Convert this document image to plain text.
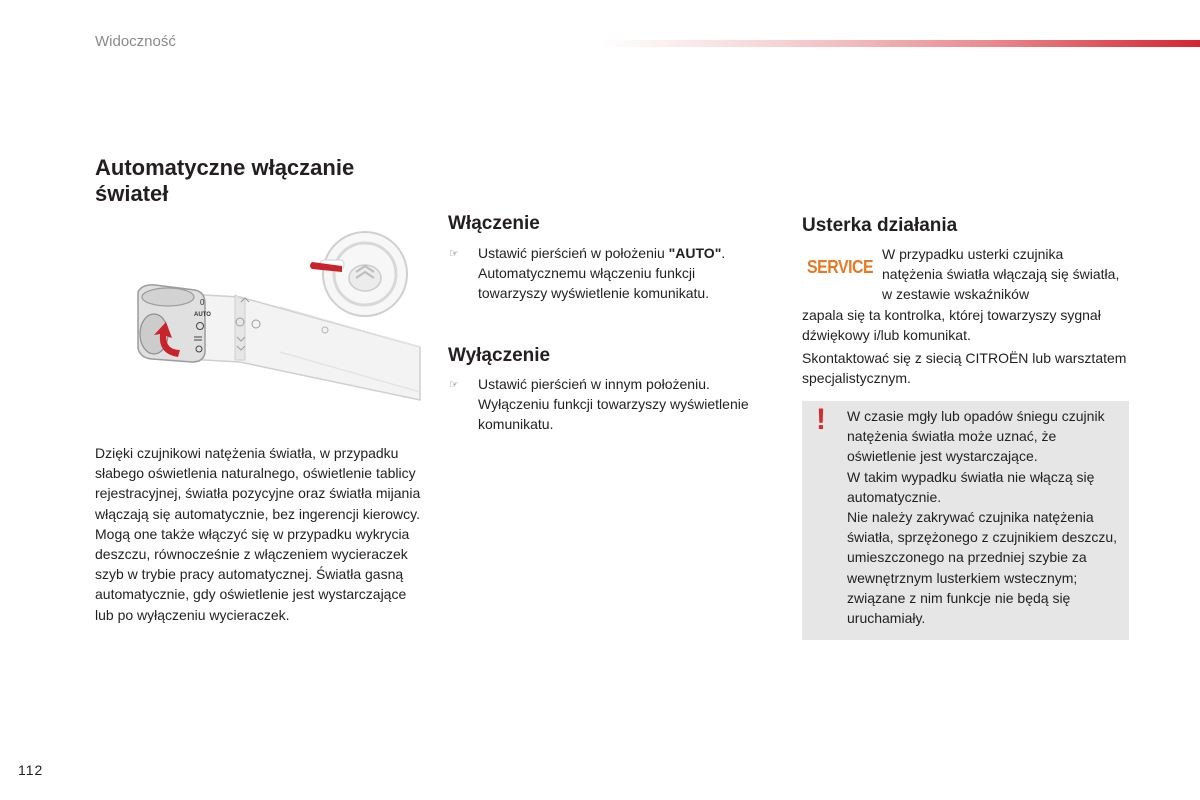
Widoczność
Automatyczne włączanie świateł
0
AUTO

Dzięki czujnikowi natężenia światła, w przypadku słabego oświetlenia naturalnego, oświetlenie tablicy rejestracyjnej, światła pozycyjne oraz światła mijania włączają się automatycznie, bez ingerencji kierowcy. Mogą one także włączyć się w przypadku wykrycia deszczu, równocześnie z włączeniem wycieraczek szyb w trybie pracy automatycznej. Światła gasną automatycznie, gdy oświetlenie jest wystarczające lub po wyłączeniu wycieraczek.

Włączenie
☞	Ustawić pierścień w położeniu "AUTO". Automatycznemu włączeniu funkcji towarzyszy wyświetlenie komunikatu.
Wyłączenie
☞	Ustawić pierścień w innym położeniu. Wyłączeniu funkcji towarzyszy wyświetlenie komunikatu.
Usterka działania
SERVICE
W przypadku usterki czujnika natężenia światła włączają się światła, w zestawie wskaźników

zapala się ta kontrolka, której towarzyszy sygnał dźwiękowy i/lub komunikat.

Skontaktować się z siecią CITROËN lub warsztatem specjalistycznym.

! W czasie mgły lub opadów śniegu czujnik natężenia światła może uznać, że oświetlenie jest wystarczające.

W takim wypadku światła nie włączą się automatycznie.

Nie należy zakrywać czujnika natężenia światła, sprzężonego z czujnikiem deszczu, umieszczonego na przedniej szybie za wewnętrznym lusterkiem wstecznym; związane z nim funkcje nie będą się uruchamiały.

112
